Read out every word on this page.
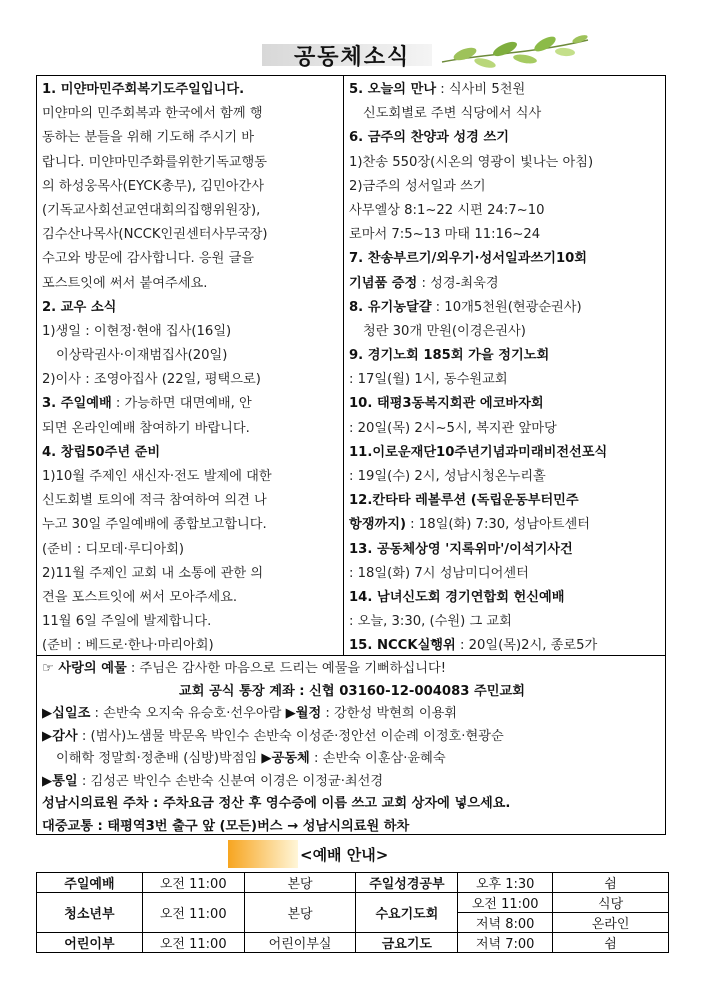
공동체소식
1. 미얀마민주회복기도주일입니다.
미얀마의 민주회복과 한국에서 함께 행
동하는 분들을 위해 기도해 주시기 바
랍니다. 미얀마민주화를위한기독교행동
의 하성웅목사(EYCK총무), 김민아간사
(기독교사회선교연대회의집행위원장),
김수산나목사(NCCK인권센터사무국장)
수고와 방문에 감사합니다. 응원 글을
포스트잇에 써서 붙여주세요.
2. 교우 소식
1)생일 : 이현정·현애 집사(16일)
이상락권사·이재범집사(20일)
2)이사 : 조영아집사 (22일, 평택으로)
3. 주일예배 : 가능하면 대면예배, 안
되면 온라인예배 참여하기 바랍니다.
4. 창립50주년 준비
1)10월 주제인 새신자·전도 발제에 대한
신도회별 토의에 적극 참여하여 의견 나
누고 30일 주일예배에 종합보고합니다.
(준비 : 디모데·루디아회)
2)11월 주제인 교회 내 소통에 관한 의
견을 포스트잇에 써서 모아주세요.
11월 6일 주일에 발제합니다.
(준비 : 베드로·한나·마리아회)
5. 오늘의 만나 : 식사비 5천원
신도회별로 주변 식당에서 식사
6. 금주의 찬양과 성경 쓰기
1)찬송 550장(시온의 영광이 빛나는 아침)
2)금주의 성서일과 쓰기
사무엘상 8:1~22 시편 24:7~10
로마서 7:5~13 마태 11:16~24
7. 찬송부르기/외우기·성서일과쓰기10회
기념품 증정 : 성경-최욱경
8. 유기농달걀 : 10개5천원(현광순권사)
청란 30개 만원(이경은권사)
9. 경기노회 185회 가을 정기노회
: 17일(월) 1시, 동수원교회
10. 태평3동복지회관 에코바자회
: 20일(목) 2시~5시, 복지관 앞마당
11.이로운재단10주년기념과미래비전선포식
: 19일(수) 2시, 성남시청온누리홀
12.칸타타 레볼루션 (독립운동부터민주
항쟁까지) : 18일(화) 7:30, 성남아트센터
13. 공동체상영 '지록위마'/이석기사건
: 18일(화) 7시 성남미디어센터
14. 남녀신도회 경기연합회 헌신예배
: 오늘, 3:30, (수원) 그 교회
15. NCCK실행위 : 20일(목)2시, 종로5가
☞ 사랑의 예물 : 주님은 감사한 마음으로 드리는 예물을 기뻐하십니다!
교회 공식 통장 계좌 : 신협 03160-12-004083 주민교회
▶십일조 : 손반숙 오지숙 유승호·선우아람 ▶월정 : 강한성 박현희 이용휘
▶감사 : (범사)노샘물 박문옥 박인수 손반숙 이성준·정안선 이순례 이정호·현광순
이해학 정말희·정춘배 (심방)박점임 ▶공동체 : 손반숙 이훈삼·윤혜숙
▶통일 : 김성곤 박인수 손반숙 신분여 이경은 이정균·최선경
성남시의료원 주차 : 주차요금 정산 후 영수증에 이름 쓰고 교회 상자에 넣으세요.
대중교통 : 태평역3번 출구 앞 (모든)버스 → 성남시의료원 하차
<예배 안내>
주일예배	오전 11:00	본당	주일성경공부	오후 1:30	쉼
청소년부	오전 11:00	본당	수요기도회	오전 11:00	식당
				저녁 8:00	온라인
어린이부	오전 11:00	어린이부실	금요기도	저녁 7:00	쉼
